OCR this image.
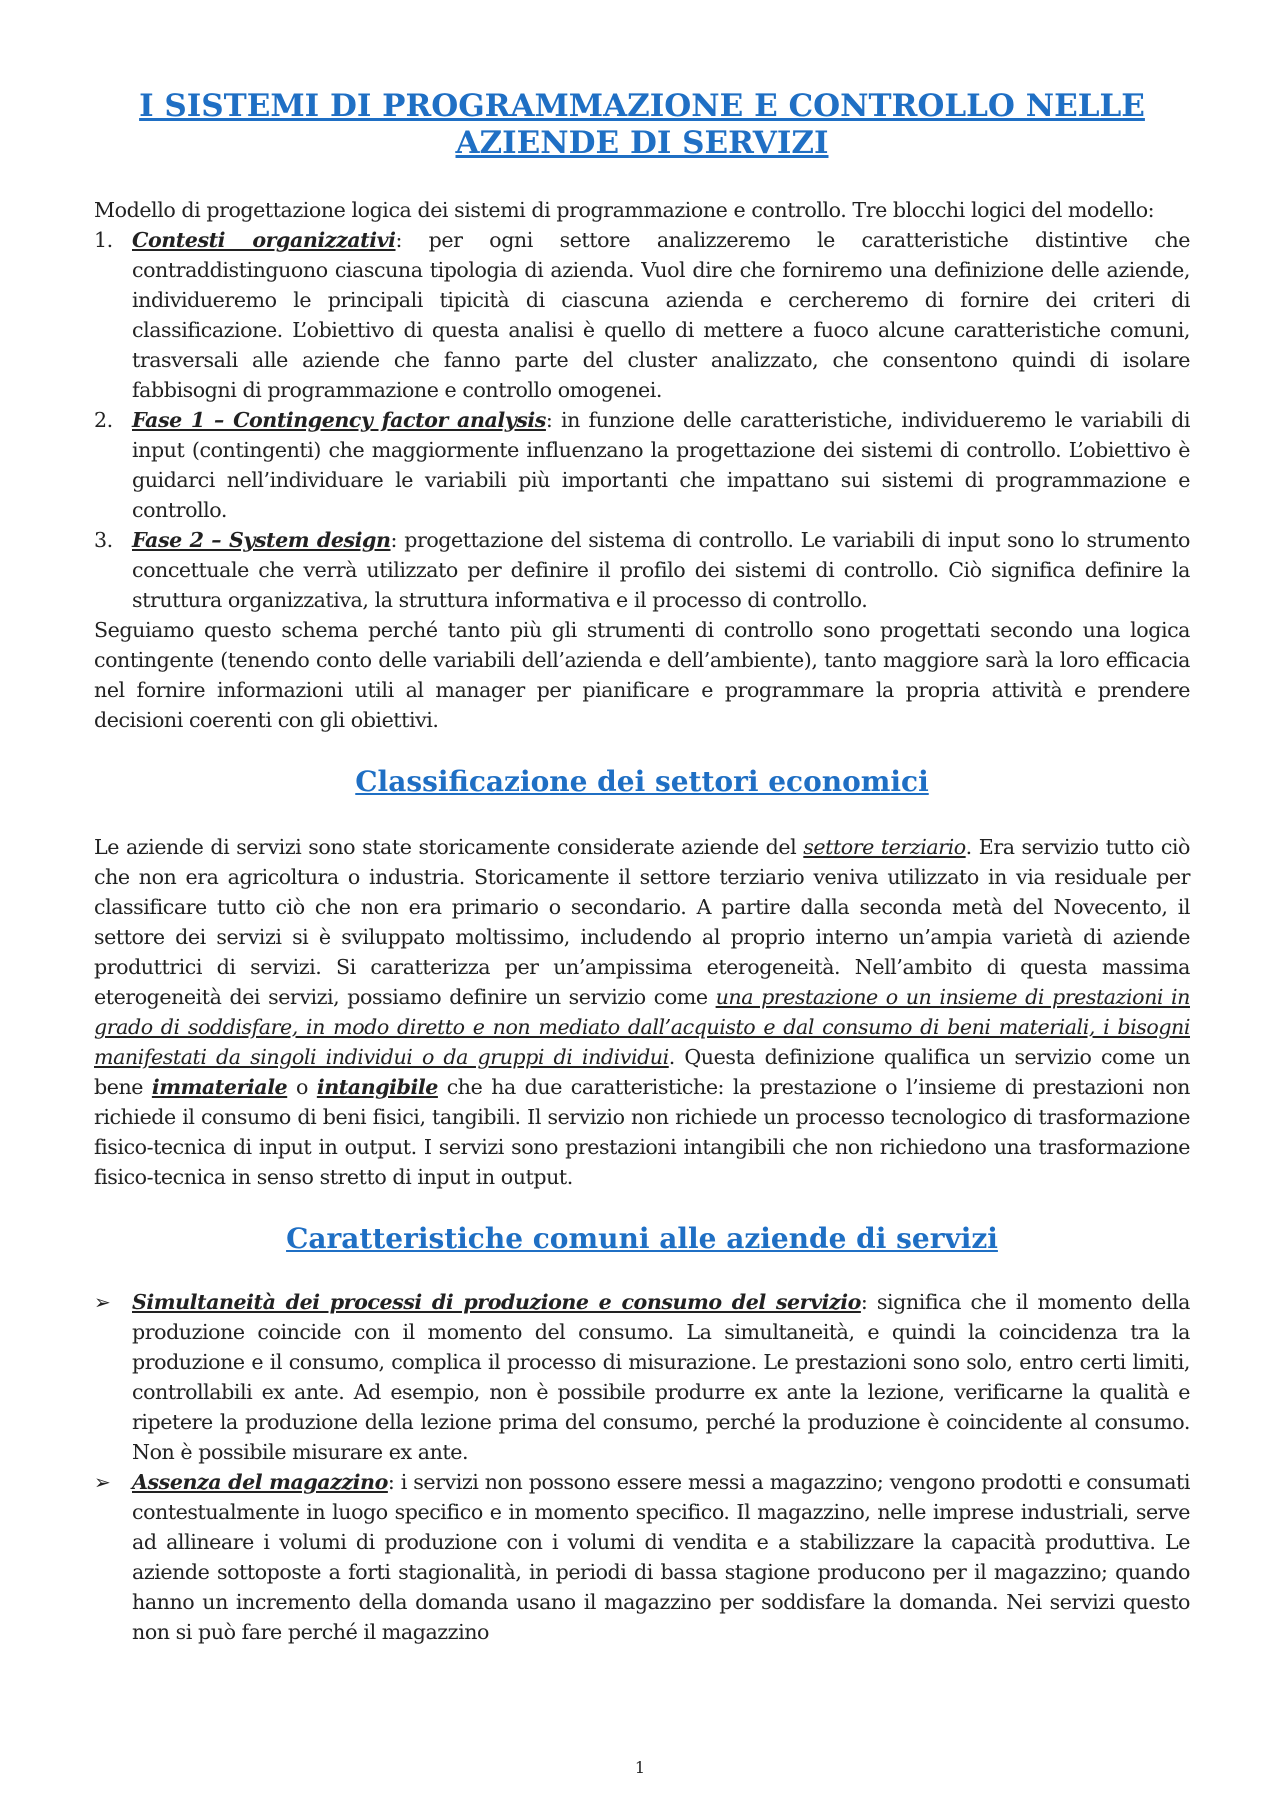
I SISTEMI DI PROGRAMMAZIONE E CONTROLLO NELLE AZIENDE DI SERVIZI

Modello di progettazione logica dei sistemi di programmazione e controllo. Tre blocchi logici del modello:

1. Contesti organizzativi: per ogni settore analizzeremo le caratteristiche distintive che contraddistinguono ciascuna tipologia di azienda. Vuol dire che forniremo una definizione delle aziende, individueremo le principali tipicità di ciascuna azienda e cercheremo di fornire dei criteri di classificazione. L’obiettivo di questa analisi è quello di mettere a fuoco alcune caratteristiche comuni, trasversali alle aziende che fanno parte del cluster analizzato, che consentono quindi di isolare fabbisogni di programmazione e controllo omogenei.
2. Fase 1 – Contingency factor analysis: in funzione delle caratteristiche, individueremo le variabili di input (contingenti) che maggiormente influenzano la progettazione dei sistemi di controllo. L’obiettivo è guidarci nell’individuare le variabili più importanti che impattano sui sistemi di programmazione e controllo.
3. Fase 2 – System design: progettazione del sistema di controllo. Le variabili di input sono lo strumento concettuale che verrà utilizzato per definire il profilo dei sistemi di controllo. Ciò significa definire la struttura organizzativa, la struttura informativa e il processo di controllo.

Seguiamo questo schema perché tanto più gli strumenti di controllo sono progettati secondo una logica contingente (tenendo conto delle variabili dell’azienda e dell’ambiente), tanto maggiore sarà la loro efficacia nel fornire informazioni utili al manager per pianificare e programmare la propria attività e prendere decisioni coerenti con gli obiettivi.

Classificazione dei settori economici

Le aziende di servizi sono state storicamente considerate aziende del settore terziario. Era servizio tutto ciò che non era agricoltura o industria. Storicamente il settore terziario veniva utilizzato in via residuale per classificare tutto ciò che non era primario o secondario. A partire dalla seconda metà del Novecento, il settore dei servizi si è sviluppato moltissimo, includendo al proprio interno un’ampia varietà di aziende produttrici di servizi. Si caratterizza per un’ampissima eterogeneità. Nell’ambito di questa massima eterogeneità dei servizi, possiamo definire un servizio come una prestazione o un insieme di prestazioni in grado di soddisfare, in modo diretto e non mediato dall’acquisto e dal consumo di beni materiali, i bisogni manifestati da singoli individui o da gruppi di individui. Questa definizione qualifica un servizio come un bene immateriale o intangibile che ha due caratteristiche: la prestazione o l’insieme di prestazioni non richiede il consumo di beni fisici, tangibili. Il servizio non richiede un processo tecnologico di trasformazione fisico-tecnica di input in output. I servizi sono prestazioni intangibili che non richiedono una trasformazione fisico-tecnica in senso stretto di input in output.

Caratteristiche comuni alle aziende di servizi
➢ Simultaneità dei processi di produzione e consumo del servizio: significa che il momento della produzione coincide con il momento del consumo. La simultaneità, e quindi la coincidenza tra la produzione e il consumo, complica il processo di misurazione. Le prestazioni sono solo, entro certi limiti, controllabili ex ante. Ad esempio, non è possibile produrre ex ante la lezione, verificarne la qualità e ripetere la produzione della lezione prima del consumo, perché la produzione è coincidente al consumo. Non è possibile misurare ex ante.
➢ Assenza del magazzino: i servizi non possono essere messi a magazzino; vengono prodotti e consumati contestualmente in luogo specifico e in momento specifico. Il magazzino, nelle imprese industriali, serve ad allineare i volumi di produzione con i volumi di vendita e a stabilizzare la capacità produttiva. Le aziende sottoposte a forti stagionalità, in periodi di bassa stagione producono per il magazzino; quando hanno un incremento della domanda usano il magazzino per soddisfare la domanda. Nei servizi questo non si può fare perché il magazzino
1
